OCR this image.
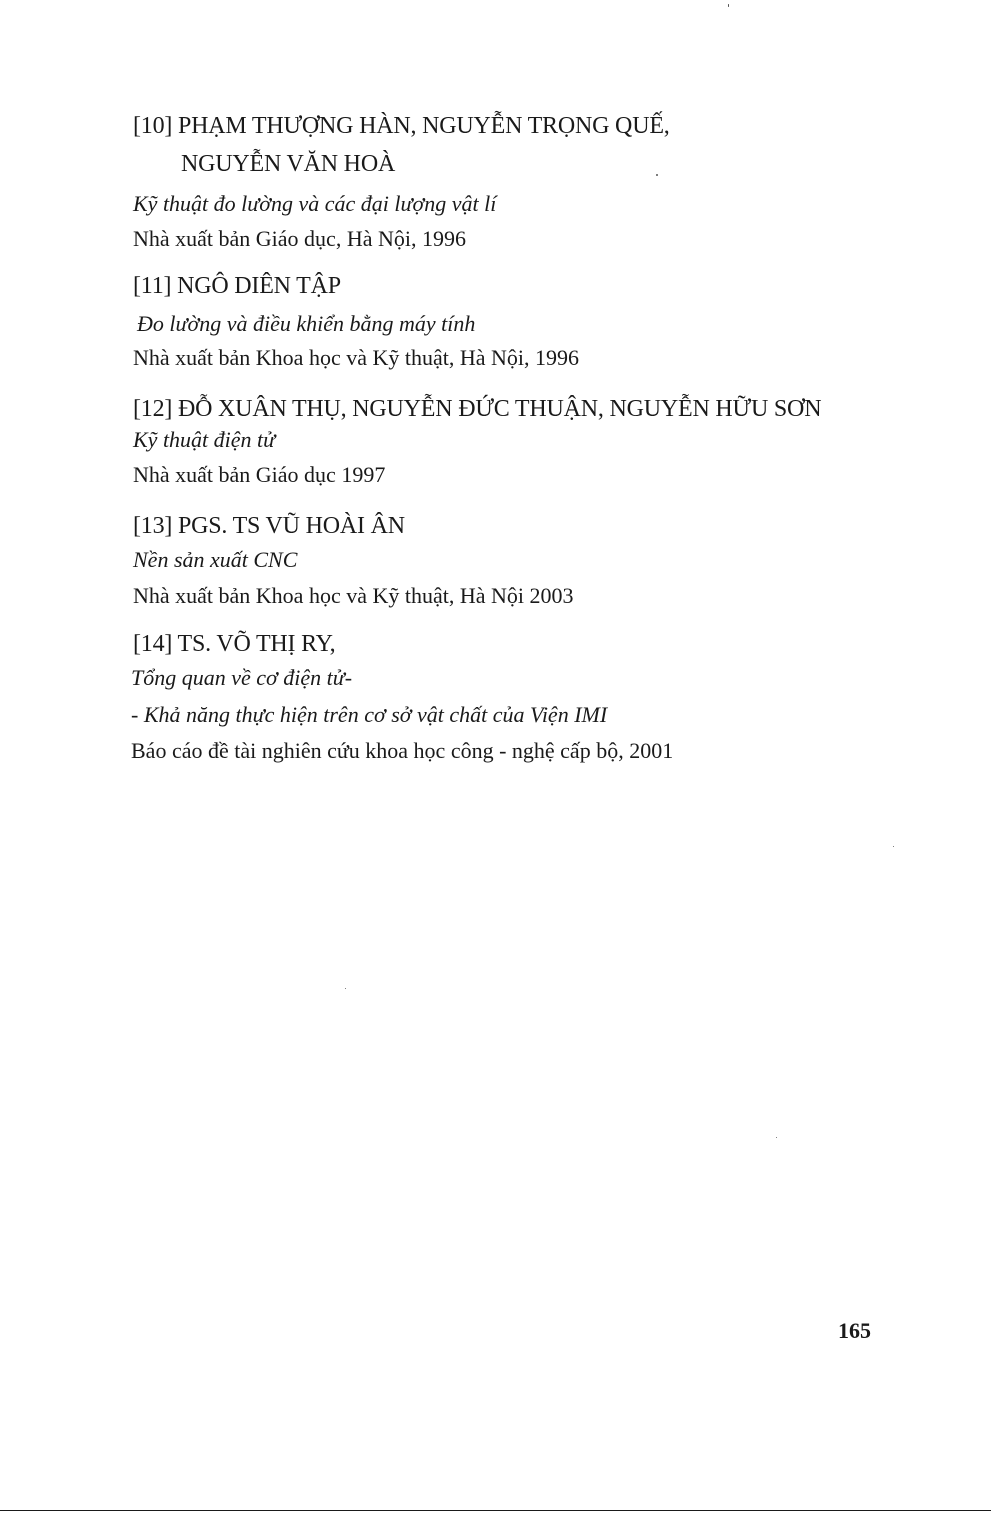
[10] PHẠM THƯỢNG HÀN, NGUYỄN TRỌNG QUẾ,
NGUYỄN VĂN HOÀ
Kỹ thuật đo lường và các đại lượng vật lí
Nhà xuất bản Giáo dục, Hà Nội, 1996
[11] NGÔ DIÊN TẬP
Đo lường và điều khiển bằng máy tính
Nhà xuất bản Khoa học và Kỹ thuật, Hà Nội, 1996
[12] ĐỖ XUÂN THỤ, NGUYỄN ĐỨC THUẬN, NGUYỄN HỮU SƠN
Kỹ thuật điện tử
Nhà xuất bản Giáo dục 1997
[13] PGS. TS VŨ HOÀI ÂN
Nền sản xuất CNC
Nhà xuất bản Khoa học và Kỹ thuật, Hà Nội 2003
[14] TS. VÕ THỊ RY,
Tổng quan về cơ điện tử-
- Khả năng thực hiện trên cơ sở vật chất của Viện IMI
Báo cáo đề tài nghiên cứu khoa học công - nghệ cấp bộ, 2001
165
